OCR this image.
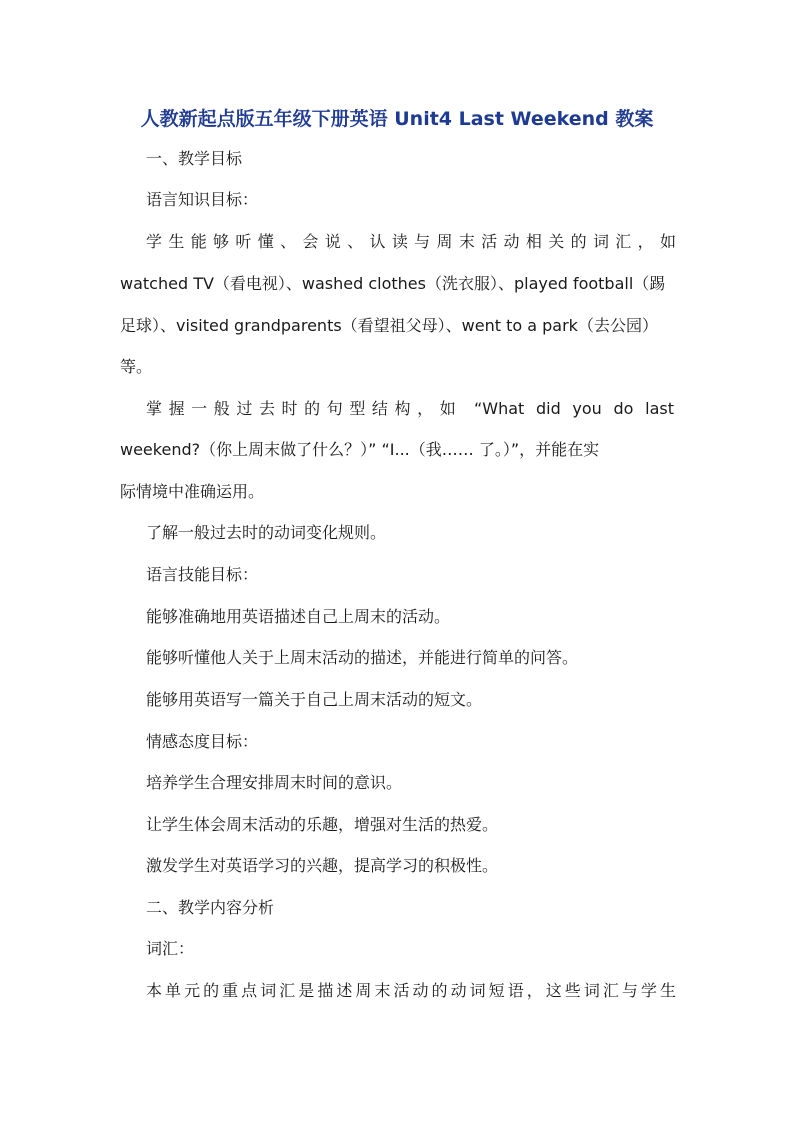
人教新起点版五年级下册英语 Unit4 Last Weekend 教案
一、教学目标
语言知识目标：
学生能够听懂、会说、认读与周末活动相关的词汇，如
watched TV（看电视）、washed clothes（洗衣服）、played football（踢
足球）、visited grandparents（看望祖父母）、went to a park（去公园）
等。
掌握一般过去时的句型结构，如 “What did you do last
weekend?（你上周末做了什么？）” “I...（我…… 了。）”，并能在实
际情境中准确运用。
了解一般过去时的动词变化规则。
语言技能目标：
能够准确地用英语描述自己上周末的活动。
能够听懂他人关于上周末活动的描述，并能进行简单的问答。
能够用英语写一篇关于自己上周末活动的短文。
情感态度目标：
培养学生合理安排周末时间的意识。
让学生体会周末活动的乐趣，增强对生活的热爱。
激发学生对英语学习的兴趣，提高学习的积极性。
二、教学内容分析
词汇：
本单元的重点词汇是描述周末活动的动词短语，这些词汇与学生
